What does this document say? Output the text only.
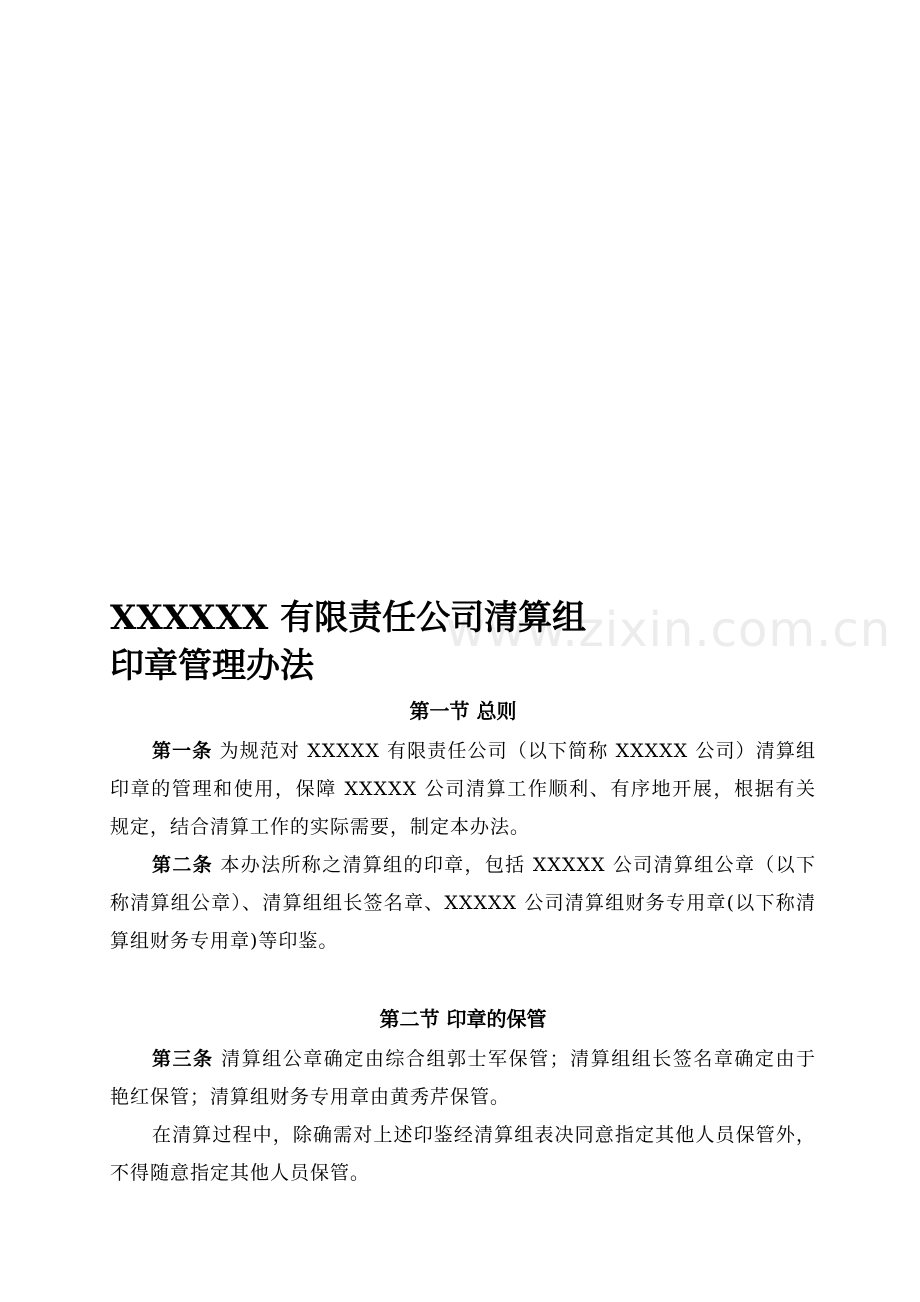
www.zixin.com.cn
XXXXXX 有限责任公司清算组
印章管理办法

第一节 总则

第一条 为规范对 XXXXX 有限责任公司（以下简称 XXXXX 公司）清算组印章的管理和使用，保障 XXXXX 公司清算工作顺利、有序地开展，根据有关规定，结合清算工作的实际需要，制定本办法。

第二条 本办法所称之清算组的印章，包括 XXXXX 公司清算组公章（以下称清算组公章）、清算组组长签名章、XXXXX 公司清算组财务专用章(以下称清算组财务专用章)等印鉴。

第二节 印章的保管

第三条 清算组公章确定由综合组郭士军保管；清算组组长签名章确定由于艳红保管；清算组财务专用章由黄秀芹保管。

在清算过程中，除确需对上述印鉴经清算组表决同意指定其他人员保管外，不得随意指定其他人员保管。
